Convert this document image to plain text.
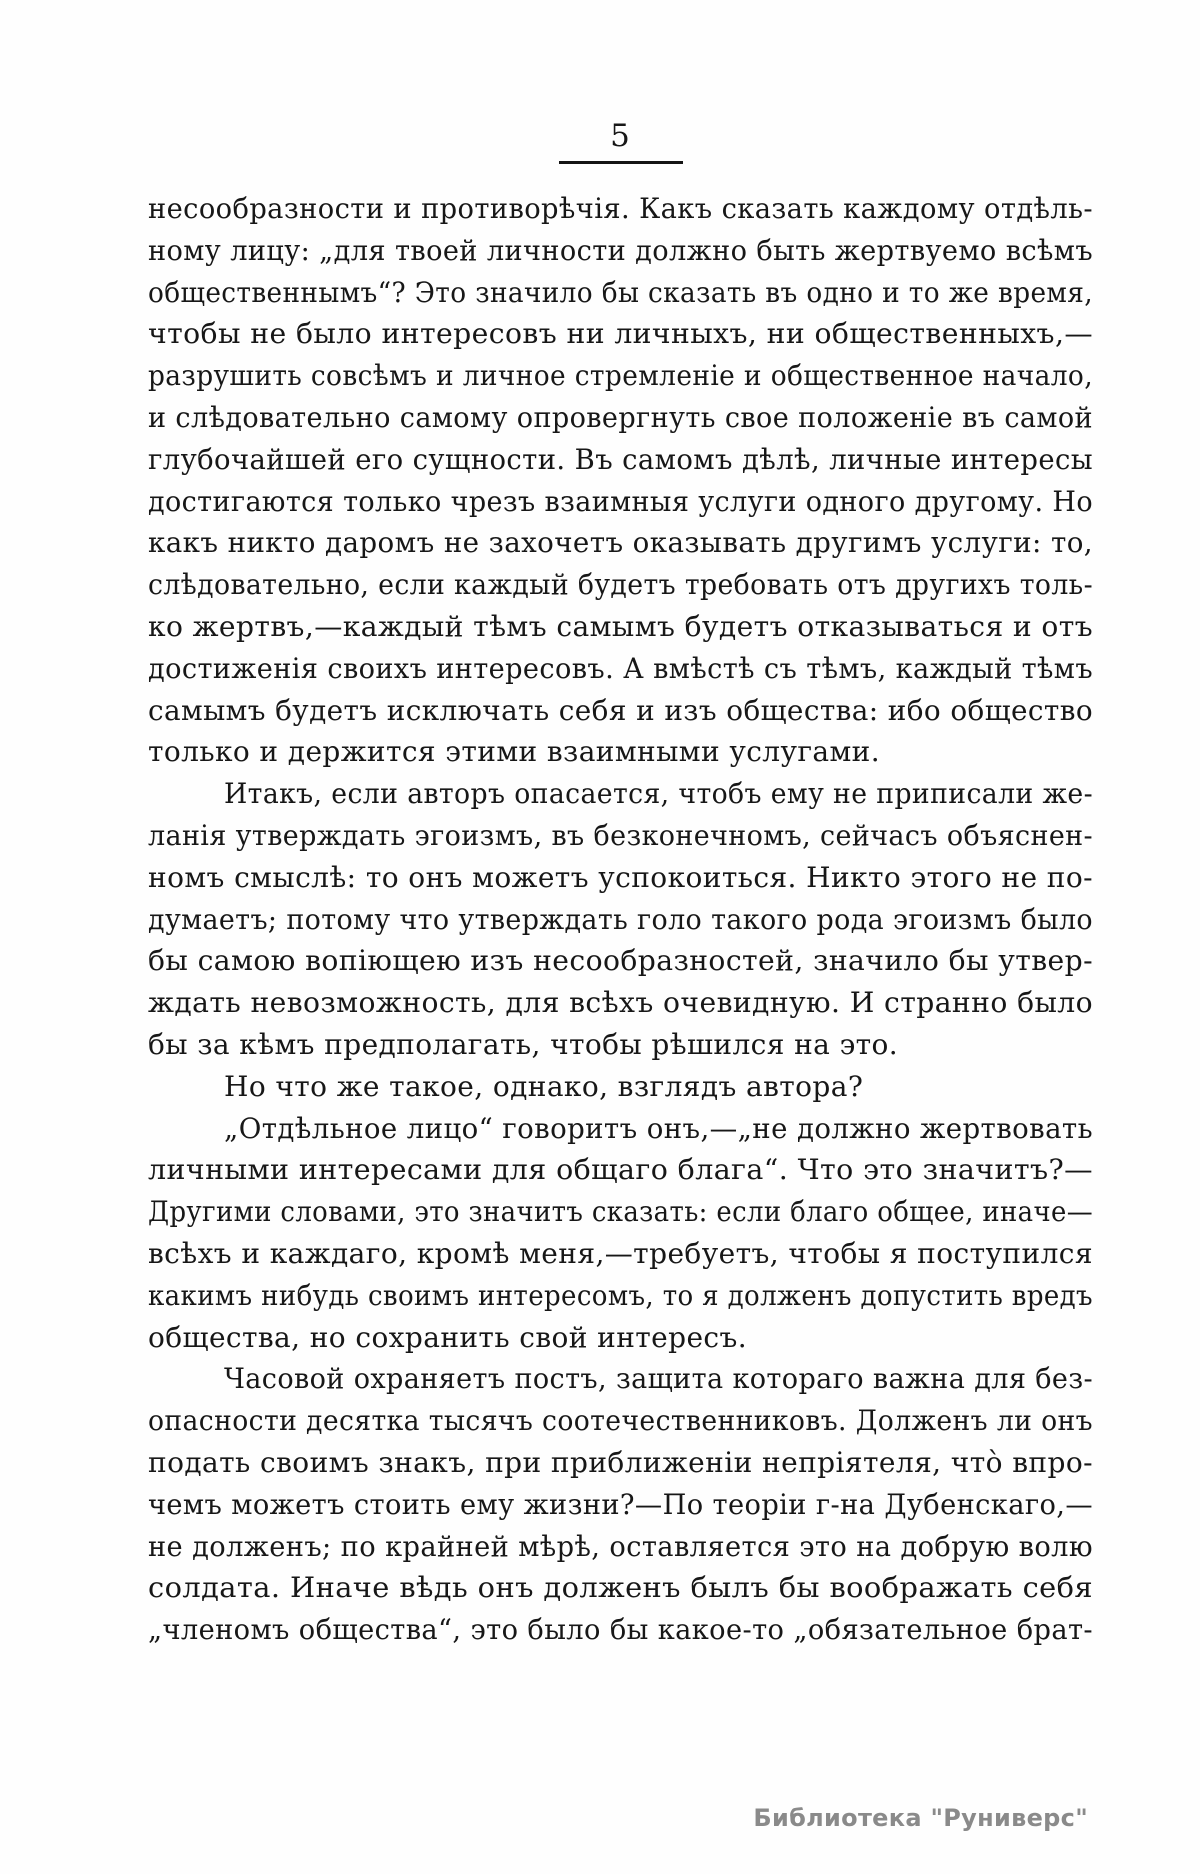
5
несообразности и противорѣчія. Какъ сказать каждому отдѣль-
ному лицу: „для твоей личности должно быть жертвуемо всѣмъ
общественнымъ“? Это значило бы сказать въ одно и то же время,
чтобы не было интересовъ ни личныхъ, ни общественныхъ,—
разрушить совсѣмъ и личное стремленіе и общественное начало,
и слѣдовательно самому опровергнуть свое положеніе въ самой
глубочайшей его сущности. Въ самомъ дѣлѣ, личные интересы
достигаются только чрезъ взаимныя услуги одного другому. Но
какъ никто даромъ не захочетъ оказывать другимъ услуги: то,
слѣдовательно, если каждый будетъ требовать отъ другихъ толь-
ко жертвъ,—каждый тѣмъ самымъ будетъ отказываться и отъ
достиженія своихъ интересовъ. А вмѣстѣ съ тѣмъ, каждый тѣмъ
самымъ будетъ исключать себя и изъ общества: ибо общество
только и держится этими взаимными услугами.
Итакъ, если авторъ опасается, чтобъ ему не приписали же-
ланія утверждать эгоизмъ, въ безконечномъ, сейчасъ объяснен-
номъ смыслѣ: то онъ можетъ успокоиться. Никто этого не по-
думаетъ; потому что утверждать голо такого рода эгоизмъ было
бы самою вопіющею изъ несообразностей, значило бы утвер-
ждать невозможность, для всѣхъ очевидную. И странно было
бы за кѣмъ предполагать, чтобы рѣшился на это.
Но что же такое, однако, взглядъ автора?
„Отдѣльное лицо“ говоритъ онъ,—„не должно жертвовать
личными интересами для общаго блага“. Что это значитъ?—
Другими словами, это значитъ сказать: если благо общее, иначе—
всѣхъ и каждаго, кромѣ меня,—требуетъ, чтобы я поступился
какимъ нибудь своимъ интересомъ, то я долженъ допустить вредъ
общества, но сохранить свой интересъ.
Часовой охраняетъ постъ, защита котораго важна для без-
опасности десятка тысячъ соотечественниковъ. Долженъ ли онъ
подать своимъ знакъ, при приближеніи непріятеля, что̀ впро-
чемъ можетъ стоить ему жизни?—По теоріи г-на Дубенскаго,—
не долженъ; по крайней мѣрѣ, оставляется это на добрую волю
солдата. Иначе вѣдь онъ долженъ былъ бы воображать себя
„членомъ общества“, это было бы какое-то „обязательное брат-
Библиотека "Руниверс"
